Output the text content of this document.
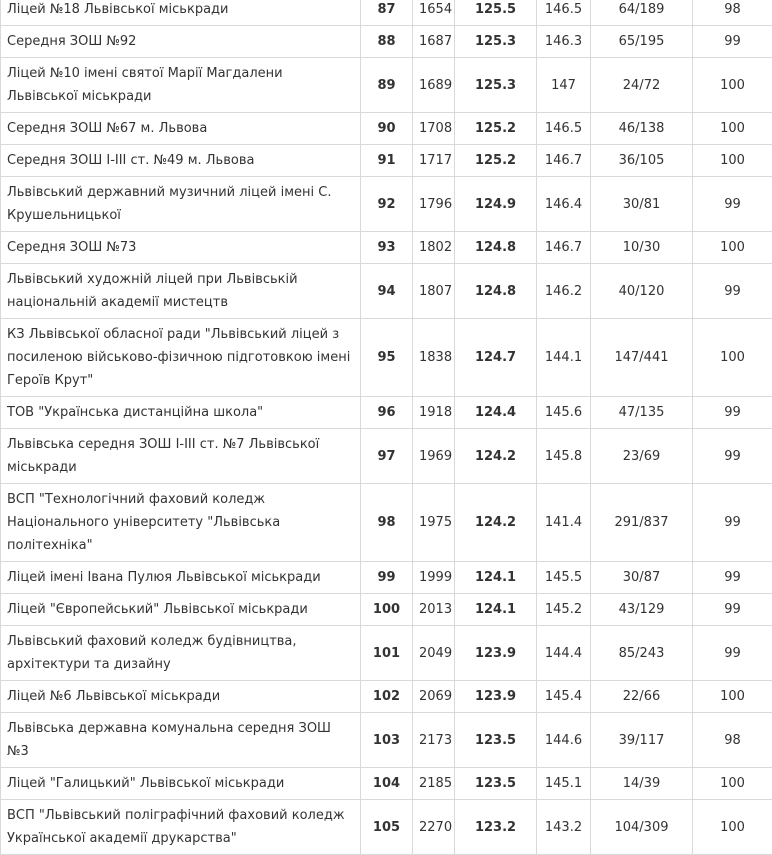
Ліцей №18 Львівської міськради	87	1654	125.5	146.5	64/189	98
Середня ЗОШ №92	88	1687	125.3	146.3	65/195	99
Ліцей №10 імені святої Марії Магдалени Львівської міськради	89	1689	125.3	147	24/72	100
Середня ЗОШ №67 м. Львова	90	1708	125.2	146.5	46/138	100
Середня ЗОШ І-ІІІ ст. №49 м. Львова	91	1717	125.2	146.7	36/105	100
Львівський державний музичний ліцей імені С. Крушельницької	92	1796	124.9	146.4	30/81	99
Середня ЗОШ №73	93	1802	124.8	146.7	10/30	100
Львівський художній ліцей при Львівській національній академії мистецтв	94	1807	124.8	146.2	40/120	99
КЗ Львівської обласної ради "Львівський ліцей з посиленою військово-фізичною підготовкою імені Героїв Крут"	95	1838	124.7	144.1	147/441	100
ТОВ "Українська дистанційна школа"	96	1918	124.4	145.6	47/135	99
Львівська середня ЗОШ І-ІІІ ст. №7 Львівської міськради	97	1969	124.2	145.8	23/69	99
ВСП "Технологічний фаховий коледж Національного університету "Львівська політехніка"	98	1975	124.2	141.4	291/837	99
Ліцей імені Івана Пулюя Львівської міськради	99	1999	124.1	145.5	30/87	99
Ліцей "Європейський" Львівської міськради	100	2013	124.1	145.2	43/129	99
Львівський фаховий коледж будівництва, архітектури та дизайну	101	2049	123.9	144.4	85/243	99
Ліцей №6 Львівської міськради	102	2069	123.9	145.4	22/66	100
Львівська державна комунальна середня ЗОШ №3	103	2173	123.5	144.6	39/117	98
Ліцей "Галицький" Львівської міськради	104	2185	123.5	145.1	14/39	100
ВСП "Львівський поліграфічний фаховий коледж Української академії друкарства"	105	2270	123.2	143.2	104/309	100
